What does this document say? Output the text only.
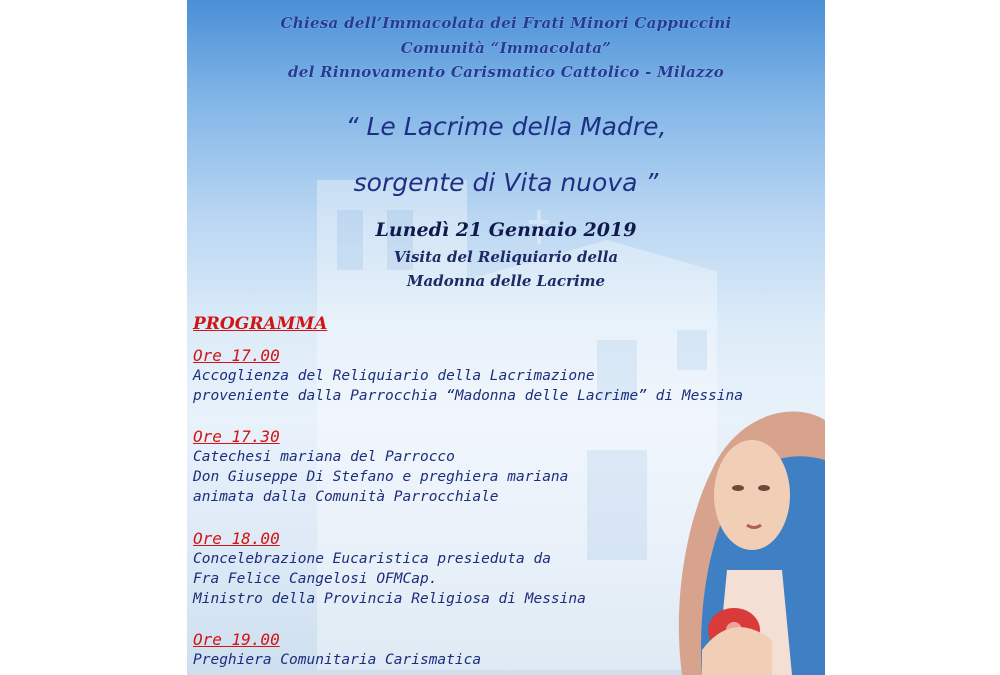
Chiesa dell’Immacolata dei Frati Minori Cappuccini
Comunità “Immacolata”
del Rinnovamento Carismatico Cattolico - Milazzo
“ Le Lacrime della Madre,
sorgente di Vita nuova ”
Lunedì 21 Gennaio 2019
Visita del Reliquiario della
Madonna delle Lacrime
PROGRAMMA
Ore 17.00
Accoglienza del Reliquiario della Lacrimazione
proveniente dalla Parrocchia “Madonna delle Lacrime” di Messina
Ore 17.30
Catechesi mariana del Parrocco
Don Giuseppe Di Stefano e preghiera mariana
animata dalla Comunità Parrocchiale
Ore 18.00
Concelebrazione Eucaristica presieduta da
Fra Felice Cangelosi OFMCap.
Ministro della Provincia Religiosa di Messina
Ore 19.00
Preghiera Comunitaria Carismatica
